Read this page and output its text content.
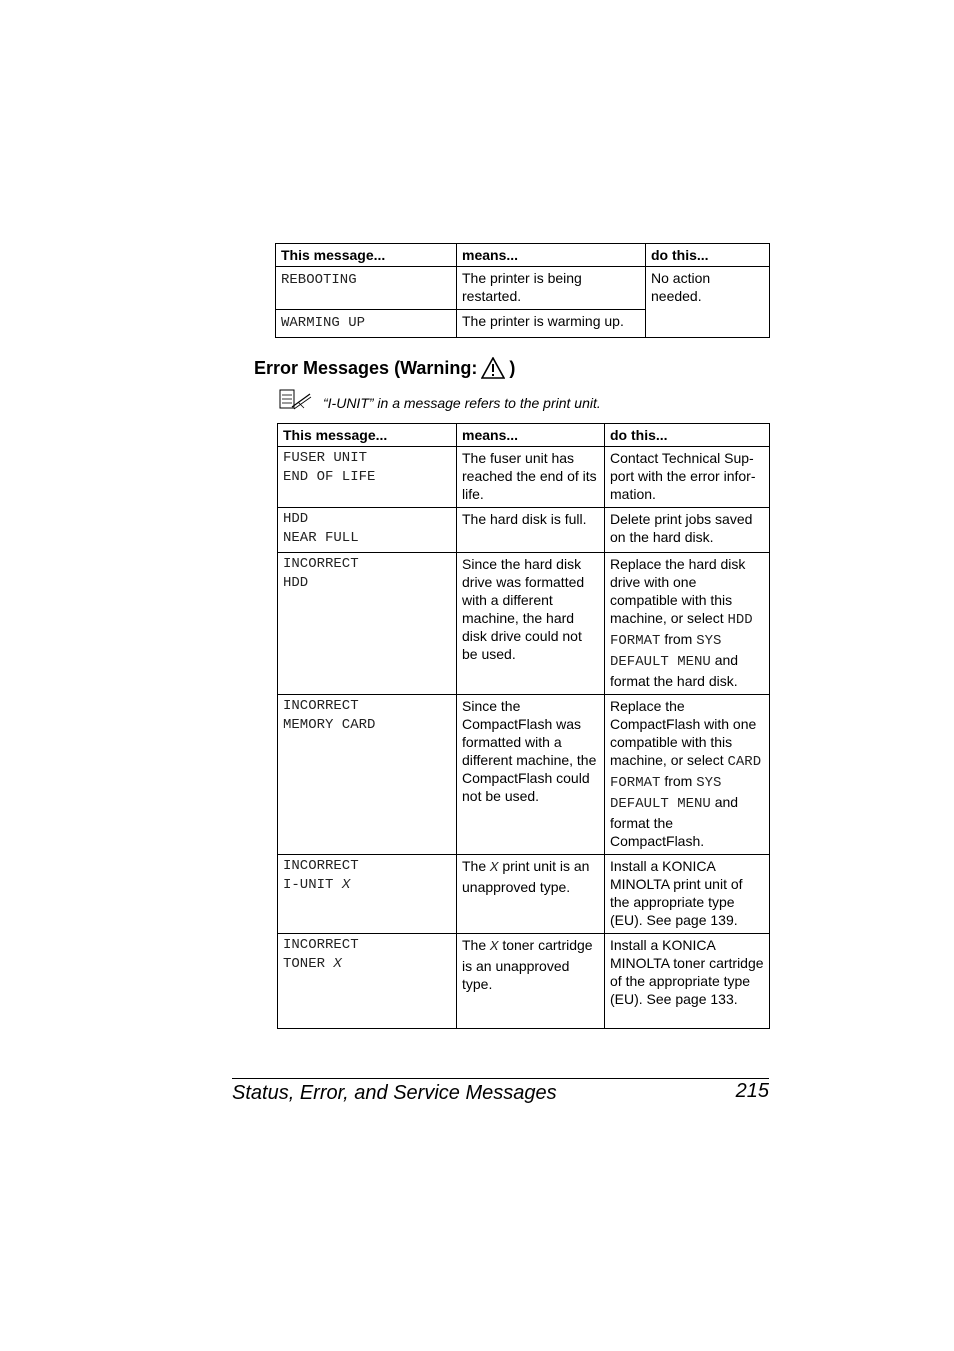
This message...	means...	do this...
REBOOTING	The printer is being restarted.	No action needed.
WARMING UP	The printer is warming up.	
Error Messages (Warning: )
“I-UNIT” in a message refers to the print unit.
This message...	means...	do this...

FUSER UNIT
END OF LIFE	The fuser unit has reached the end of its life.	Contact Technical Sup-port with the error infor-mation.

HDD
NEAR FULL	The hard disk is full.	Delete print jobs saved on the hard disk.

INCORRECT
HDD	Since the hard disk drive was formatted with a different machine, the hard disk drive could not be used.	Replace the hard disk drive with one compatible with this machine, or select HDD FORMAT from SYS DEFAULT MENU and format the hard disk.

INCORRECT
MEMORY CARD	Since the CompactFlash was formatted with a different machine, the CompactFlash could not be used.	Replace the CompactFlash with one compatible with this machine, or select CARD FORMAT from SYS DEFAULT MENU and format the CompactFlash.

INCORRECT
I-UNIT X	The X print unit is an unapproved type.	Install a KONICA MINOLTA print unit of the appropriate type (EU). See page 139.

INCORRECT
TONER X	The X toner cartridge is an unapproved type.	Install a KONICA MINOLTA toner cartridge of the appropriate type (EU). See page 133.
Status, Error, and Service Messages	215
